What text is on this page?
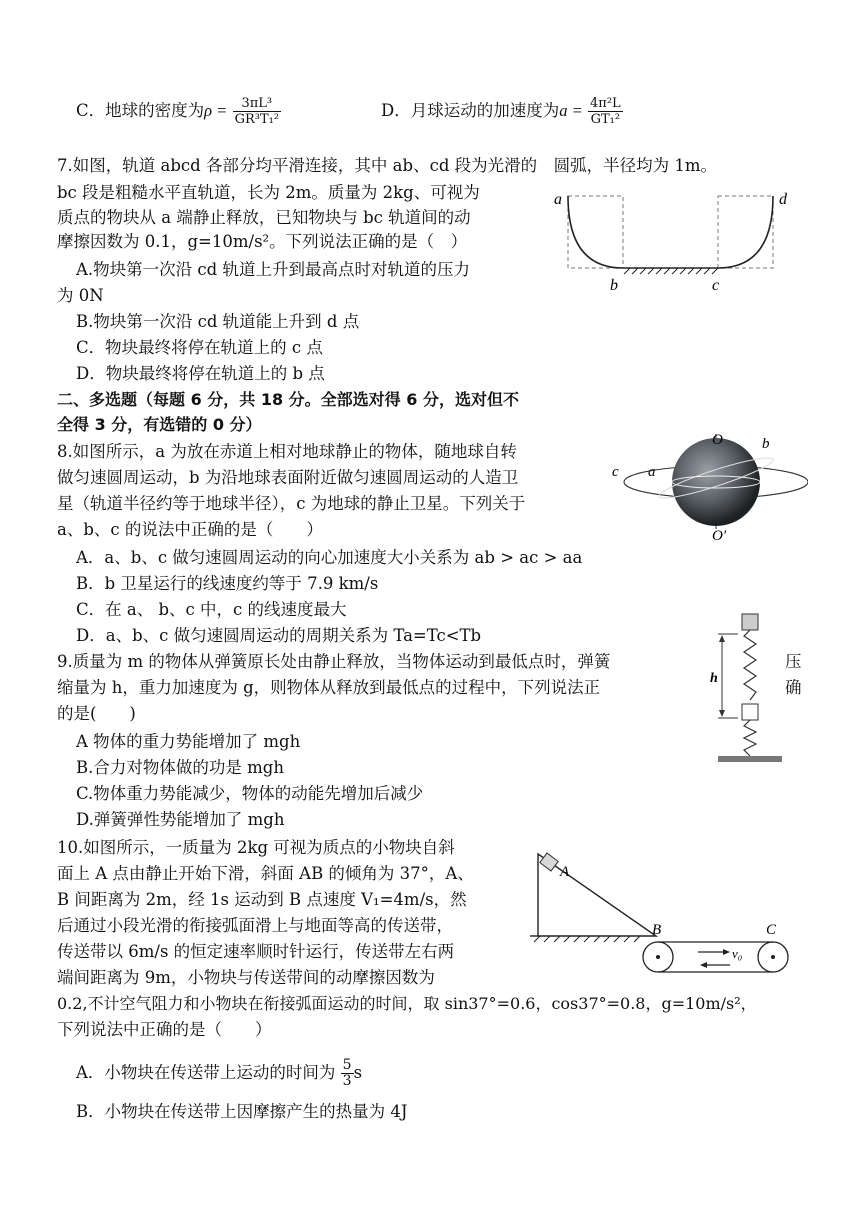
C．地球的密度为$\rho = \frac{\text{3πL³}}{\text{GR³T₁²}}$	D．月球运动的加速度为$a = \frac{\text{4π²L}}{\text{GT₁²}}$
7.如图，轨道 abcd 各部分均平滑连接，其中 ab、cd 段为光滑的　圆弧，半径均为 1m。
bc 段是粗糙水平直轨道，长为 2m。质量为 2kg、可视为
质点的物块从 a 端静止释放，已知物块与 bc 轨道间的动
摩擦因数为 0.1，g=10m/s²。下列说法正确的是（　）
A.物块第一次沿 cd 轨道上升到最高点时对轨道的压力
为 0N
B.物块第一次沿 cd 轨道能上升到 d 点
C．物块最终将停在轨道上的 c 点
D．物块最终将停在轨道上的 b 点
a	d
b	c
二、多选题（每题 6 分，共 18 分。全部选对得 6 分，选对但不
全得 3 分，有选错的 0 分）
8.如图所示，a 为放在赤道上相对地球静止的物体，随地球自转
做匀速圆周运动，b 为沿地球表面附近做匀速圆周运动的人造卫
星（轨道半径约等于地球半径），c 为地球的静止卫星。下列关于
a、b、c 的说法中正确的是（　　）
A．a、b、c 做匀速圆周运动的向心加速度大小关系为 ab > ac > aa
B．b 卫星运行的线速度约等于 7.9 km/s
C．在 a、 b、c 中，c 的线速度最大
D．a、b、c 做匀速圆周运动的周期关系为 Ta=Tc<Tb
O
O′
b
c a
9.质量为 m 的物体从弹簧原长处由静止释放，当物体运动到最低点时，弹簧	压
缩量为 h，重力加速度为 g，则物体从释放到最低点的过程中，下列说法正	确
的是(　　)
A 物体的重力势能增加了 mgh
B.合力对物体做的功是 mgh
C.物体重力势能减少，物体的动能先增加后减少
D.弹簧弹性势能增加了 mgh
h
10.如图所示，一质量为 2kg 可视为质点的小物块自斜
面上 A 点由静止开始下滑，斜面 AB 的倾角为 37°，A、
B 间距离为 2m，经 1s 运动到 B 点速度 V₁=4m/s，然
后通过小段光滑的衔接弧面滑上与地面等高的传送带，
传送带以 6m/s 的恒定速率顺时针运行，传送带左右两
端间距离为 9m，小物块与传送带间的动摩擦因数为
0.2,不计空气阻力和小物块在衔接弧面运动的时间，取 sin37°=0.6，cos37°=0.8，g=10m/s²，
下列说法中正确的是（　　）
A．小物块在传送带上运动的时间为 $\frac{5}{3}$ s
B．小物块在传送带上因摩擦产生的热量为 4J
A
B	C
v₀
